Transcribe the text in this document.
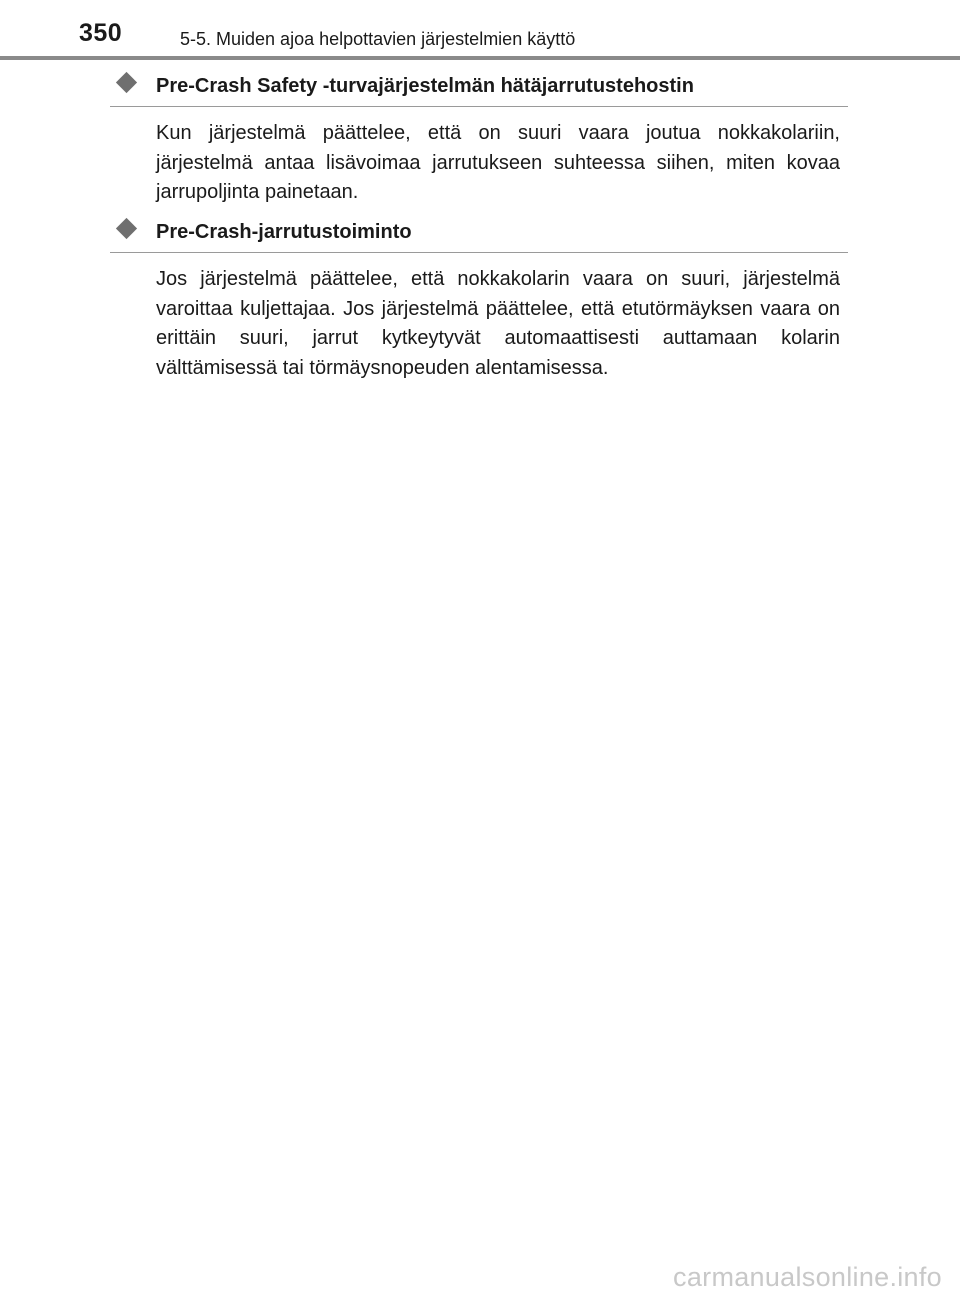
350	5-5. Muiden ajoa helpottavien järjestelmien käyttö
Pre-Crash Safety -turvajärjestelmän hätäjarrutustehostin

Kun järjestelmä päättelee, että on suuri vaara joutua nokkakolariin, järjestelmä antaa lisävoimaa jarrutukseen suhteessa siihen, miten kovaa jarrupoljinta painetaan.

Pre-Crash-jarrutustoiminto

Jos järjestelmä päättelee, että nokkakolarin vaara on suuri, järjestelmä varoittaa kuljettajaa. Jos järjestelmä päättelee, että etutörmäyksen vaara on erittäin suuri, jarrut kytkeytyvät automaattisesti auttamaan kolarin välttämisessä tai törmäysnopeuden alentamisessa.

carmanualsonline.info
